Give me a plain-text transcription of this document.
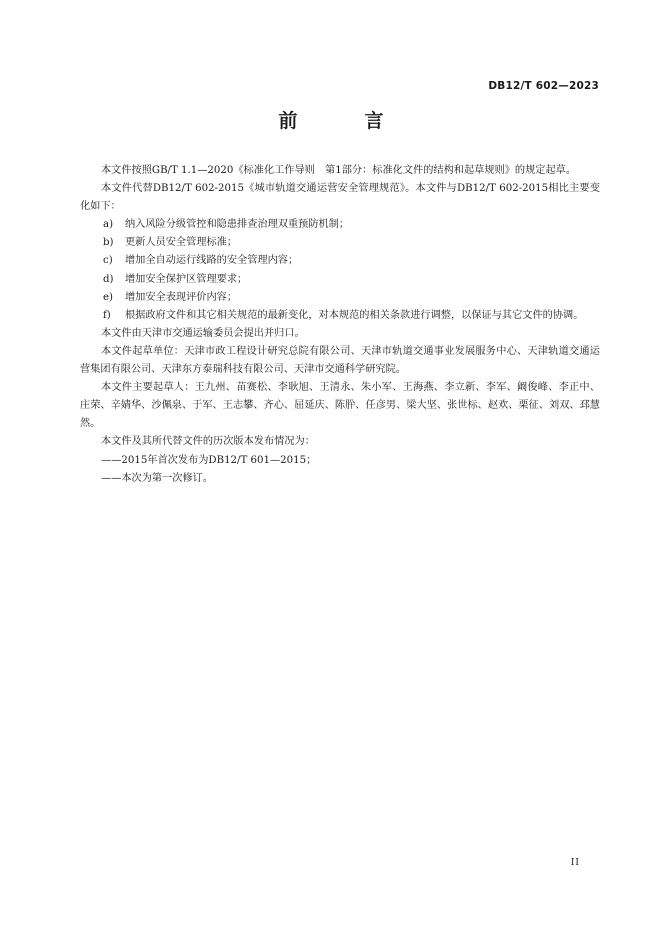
DB12/T 602—2023
前　言

本文件按照GB/T 1.1—2020《标准化工作导则　第1部分：标准化文件的结构和起草规则》的规定起草。

本文件代替DB12/T 602-2015《城市轨道交通运营安全管理规范》。本文件与DB12/T 602-2015相比主要变化如下：

a) 纳入风险分级管控和隐患排查治理双重预防机制；

b) 更新人员安全管理标准；

c) 增加全自动运行线路的安全管理内容；

d) 增加安全保护区管理要求；

e) 增加安全表现评价内容；

f) 根据政府文件和其它相关规范的最新变化，对本规范的相关条款进行调整，以保证与其它文件的协调。

本文件由天津市交通运输委员会提出并归口。

本文件起草单位：天津市政工程设计研究总院有限公司、天津市轨道交通事业发展服务中心、天津轨道交通运营集团有限公司、天津东方泰瑞科技有限公司、天津市交通科学研究院。

本文件主要起草人：王九州、苗赛松、李耿旭、王清永、朱小军、王海燕、李立新、李军、阚俊峰、李正中、庄荣、辛婧华、沙佩泉、于军、王志攀、齐心、屈延庆、陈肸、任彦男、梁大坚、张世标、赵欢、栗征、刘双、邳慧然。

本文件及其所代替文件的历次版本发布情况为：

——2015年首次发布为DB12/T 601—2015；

——本次为第一次修订。

II
